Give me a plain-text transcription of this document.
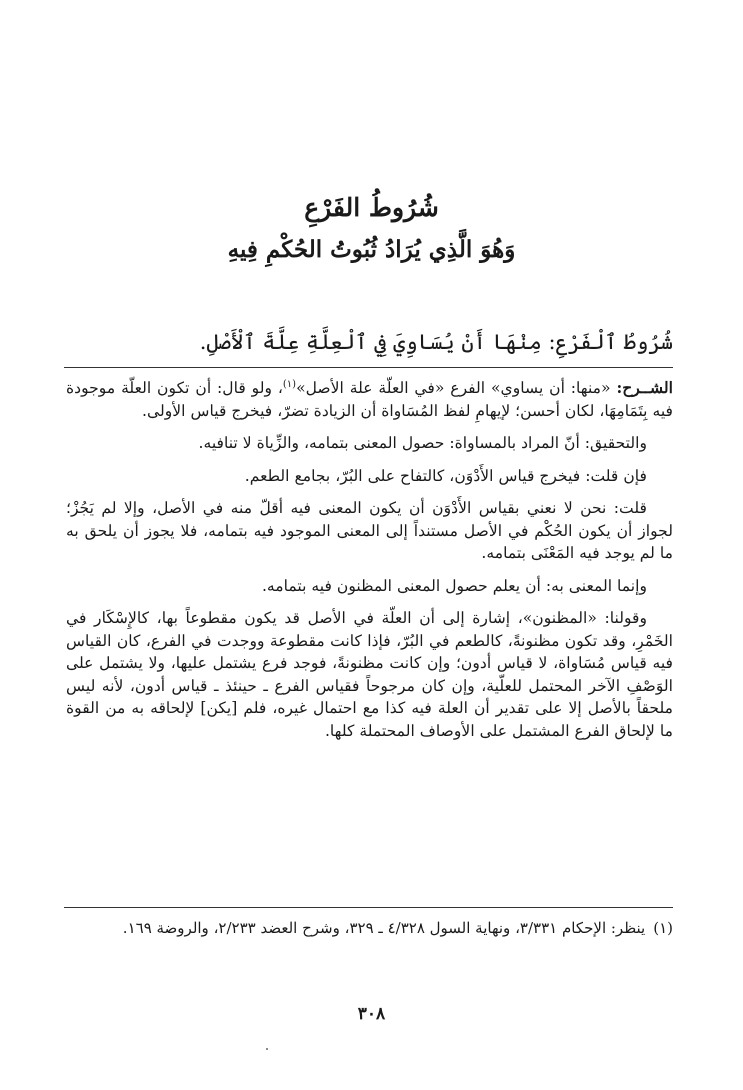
شُرُوطُ الفَرْعِ
وَهُوَ الَّذِي يُرَادُ ثُبُوتُ الحُكْمِ فِيهِ

شُرُوطُ ٱلْفَرْعِ: مِنْهَا أَنْ يُسَاوِيَ فِي ٱلْعِلَّةِ عِلَّةَ ٱلْأَصْلِ.

الشــرح: «منها: أن يساوي» الفرع «في العلّة علة الأصل»$^{(١)}$، ولو قال: أن تكون العلّة موجودة فيه بِتَمَامِهَا، لكان أحسن؛ لإيهامِ لفظ المُسَاواة أن الزيادة تضرّ، فيخرج قياس الأولى.

والتحقيق: أنّ المراد بالمساواة: حصول المعنى بتمامه، والزِّياة لا تنافيه.

فإن قلت: فيخرج قياس الأَدْوَن، كالتفاح على البُرّ، بجامع الطعم.

قلت: نحن لا نعني بقياس الأَدْوَن أن يكون المعنى فيه أقلّ منه في الأصل، وإلا لم يَجُزْ؛ لجواز أن يكون الحُكْم في الأصل مستنداً إلى المعنى الموجود فيه بتمامه، فلا يجوز أن يلحق به ما لم يوجد فيه المَعْنَى بتمامه.

وإنما المعنى به: أن يعلم حصول المعنى المظنون فيه بتمامه.

وقولنا: «المظنون»، إشارة إلى أن العلّة في الأصل قد يكون مقطوعاً بها، كالإِسْكَار في الخَمْرِ، وقد تكون مظنونةً، كالطعم في البُرّ، فإذا كانت مقطوعة ووجدت في الفرع، كان القياس فيه قياس مُسَاواة، لا قياس أدون؛ وإن كانت مظنونةً، فوجد فرع يشتمل عليها، ولا يشتمل على الوَصْفِ الآخر المحتمل للعلّية، وإن كان مرجوحاً فقياس الفرع ـ حينئذ ـ قياس أدون، لأنه ليس ملحقاً بالأصل إلا على تقدير أن العلة فيه كذا مع احتمال غيره، فلم [يكن] لإلحاقه به من القوة ما لإلحاق الفرع المشتمل على الأوصاف المحتملة كلها.

(١)ينظر: الإحكام ٣/٣٣١، ونهاية السول ٤/٣٢٨ ـ ٣٢٩، وشرح العضد ٢/٢٣٣، والروضة ١٦٩.

٣٠٨
